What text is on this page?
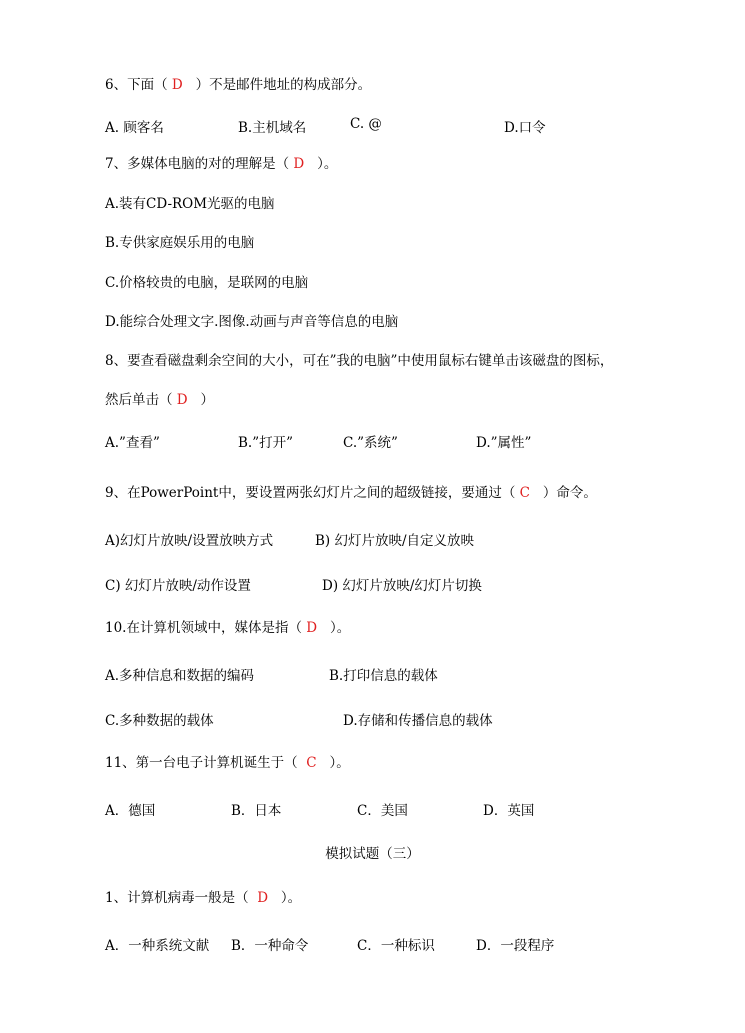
6、下面（ D ）不是邮件地址的构成部分。
A. 顾客名	B.主机域名	C. @	D.口令
7、多媒体电脑的对的理解是（ D ）。
A.装有CD-ROM光驱的电脑
B.专供家庭娱乐用的电脑
C.价格较贵的电脑，是联网的电脑
D.能综合处理文字.图像.动画与声音等信息的电脑
8、要查看磁盘剩余空间的大小，可在”我的电脑”中使用鼠标右键单击该磁盘的图标，
然后单击（ D ）
A.”查看”	B.”打开”	C.”系统”	D.”属性”
9、在PowerPoint中，要设置两张幻灯片之间的超级链接，要通过（ C ）命令。
A)幻灯片放映/设置放映方式	B) 幻灯片放映/自定义放映
C) 幻灯片放映/动作设置	D) 幻灯片放映/幻灯片切换
10.在计算机领域中，媒体是指（ D ）。
A.多种信息和数据的编码	B.打印信息的载体
C.多种数据的载体	D.存储和传播信息的载体
11、第一台电子计算机诞生于（ C ）。
A．德国	B．日本	C．美国	D．英国
模拟试题（三）
1、计算机病毒一般是（ D ）。
A．一种系统文献 B．一种命令	C．一种标识	D．一段程序
